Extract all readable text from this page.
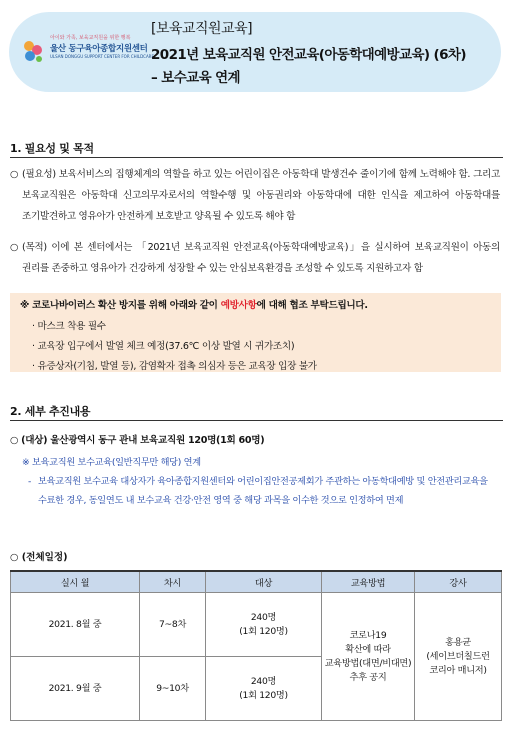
아이와 가족, 보육교직원을 위한 행복
울산 동구육아종합지원센터
ULSAN DONGGU SUPPORT CENTER FOR CHILDCARE
[보육교직원교육]
2021년 보육교직원 안전교육(아동학대예방교육) (6차)
– 보수교육 연계
1. 필요성 및 목적
○ (필요성) 보육서비스의 집행체계의 역할을 하고 있는 어린이집은 아동학대 발생건수 줄이기에 함께 노력해야 함. 그리고 보육교직원은 아동학대 신고의무자로서의 역할수행 및 아동권리와 아동학대에 대한 인식을 제고하여 아동학대를 조기발견하고 영유아가 안전하게 보호받고 양육될 수 있도록 해야 함
○ (목적) 이에 본 센터에서는 「2021년 보육교직원 안전교육(아동학대예방교육)」을 실시하여 보육교직원이 아동의 권리를 존중하고 영유아가 건강하게 성장할 수 있는 안심보육환경을 조성할 수 있도록 지원하고자 함
※ 코로나바이러스 확산 방지를 위해 아래와 같이 예방사항에 대해 협조 부탁드립니다.
· 마스크 착용 필수
· 교육장 입구에서 발열 체크 예정(37.6℃ 이상 발열 시 귀가조치)
· 유증상자(기침, 발열 등), 감염확자 접촉 의심자 등은 교육장 입장 불가
2. 세부 추진내용
○ (대상) 울산광역시 동구 관내 보육교직원 120명(1회 60명)
※ 보육교직원 보수교육(일반직무만 해당) 연계
- 보육교직원 보수교육 대상자가 육아종합지원센터와 어린이집안전공제회가 주관하는 아동학대예방 및 안전관리교육을 수료한 경우, 동일연도 내 보수교육 건강·안전 영역 중 해당 과목을 이수한 것으로 인정하여 면제
○ (전체일정)
실시 월	차시	대상	교육방법	강사
2021. 8월 중	7~8차	240명
(1회 120명)	코로나19
확산에 따라
교육방법(대면/비대면)
추후 공지	홍용균
(세이브더칠드런
코리아 매니저)
2021. 9월 중	9~10차	240명
(1회 120명)		
